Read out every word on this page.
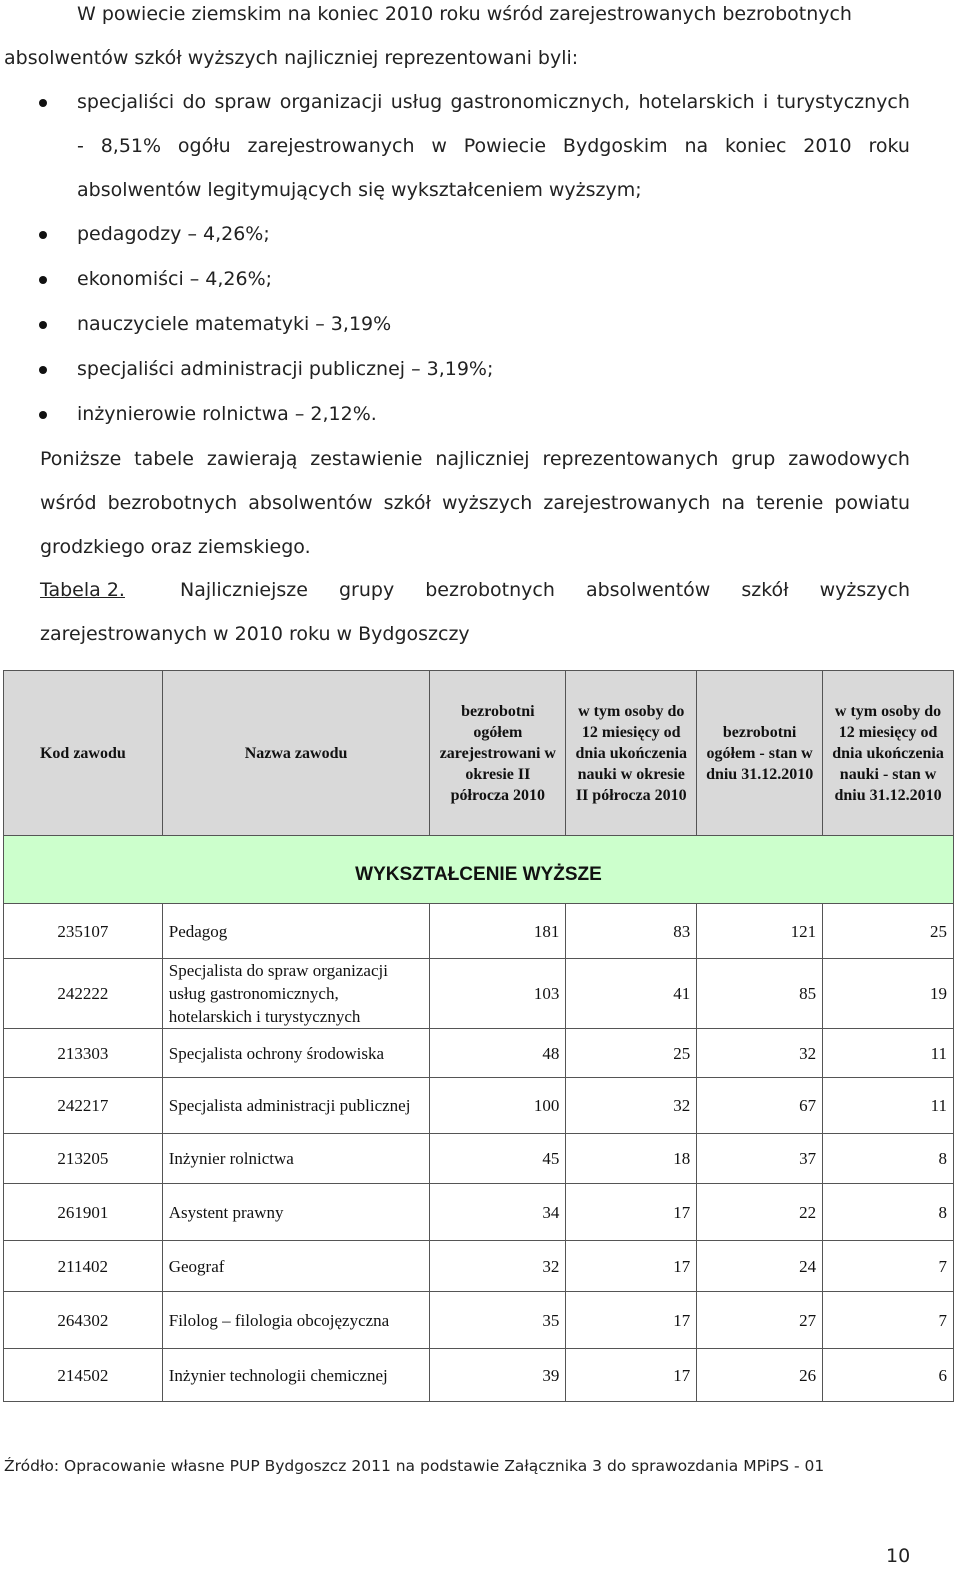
W powiecie ziemskim na koniec 2010 roku wśród zarejestrowanych bezrobotnych
absolwentów szkół wyższych najliczniej reprezentowani byli:
specjaliści do spraw organizacji usług gastronomicznych, hotelarskich i turystycznych
- 8,51% ogółu zarejestrowanych w Powiecie Bydgoskim na koniec 2010 roku
absolwentów legitymujących się wykształceniem wyższym;
pedagodzy – 4,26%;
ekonomiści – 4,26%;
nauczyciele matematyki – 3,19%
specjaliści administracji publicznej – 3,19%;
inżynierowie rolnictwa – 2,12%.
Poniższe tabele zawierają zestawienie najliczniej reprezentowanych grup zawodowych
wśród bezrobotnych absolwentów szkół wyższych zarejestrowanych na terenie powiatu
grodzkiego oraz ziemskiego.
Tabela 2.	Najliczniejsze grupy bezrobotnych absolwentów szkół wyższych
zarejestrowanych w 2010 roku w Bydgoszczy
Kod zawodu	Nazwa zawodu	bezrobotni ogółem zarejestrowani w okresie II półrocza 2010	w tym osoby do 12 miesięcy od dnia ukończenia nauki w okresie II półrocza 2010	bezrobotni ogółem - stan w dniu 31.12.2010	w tym osoby do 12 miesięcy od dnia ukończenia nauki - stan w dniu 31.12.2010
WYKSZTAŁCENIE WYŻSZE					
235107	Pedagog	181	83	121	25
242222	Specjalista do spraw organizacji usług gastronomicznych, hotelarskich i turystycznych	103	41	85	19
213303	Specjalista ochrony środowiska	48	25	32	11
242217	Specjalista administracji publicznej	100	32	67	11
213205	Inżynier rolnictwa	45	18	37	8
261901	Asystent prawny	34	17	22	8
211402	Geograf	32	17	24	7
264302	Filolog – filologia obcojęzyczna	35	17	27	7
214502	Inżynier technologii chemicznej	39	17	26	6
Źródło: Opracowanie własne PUP Bydgoszcz 2011 na podstawie Załącznika 3 do sprawozdania MPiPS - 01
10
